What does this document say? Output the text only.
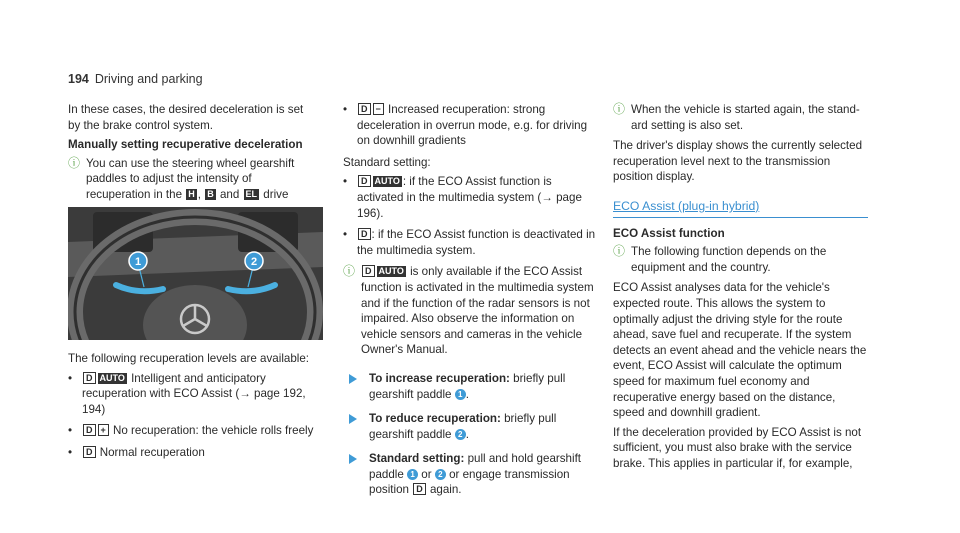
194 Driving and parking

In these cases, the desired deceleration is set by the brake control system.

Manually setting recuperative deceleration
ⓘ You can use the steering wheel gearshift paddles to adjust the intensity of recuperation in the H , B and EL drive
1	2

The following recuperation levels are available:

• D AUTO Intelligent and anticipatory recuperation with ECO Assist (→ page 192, 194)
• D + No recuperation: the vehicle rolls freely
• D Normal recuperation
• D − Increased recuperation: strong deceleration in overrun mode, e.g. for driving on downhill gradients

Standard setting:

• D AUTO : if the ECO Assist function is activated in the multimedia system (→ page 196).
• D : if the ECO Assist function is deactivated in the multimedia system.
ⓘ D AUTO is only available if the ECO Assist function is activated in the multimedia system and if the function of the radar sensors is not impaired. Also observe the information on vehicle sensors and cameras in the vehicle Owner's Manual.
To increase recuperation: briefly pull gearshift paddle 1 .
To reduce recuperation: briefly pull gearshift paddle 2 .
Standard setting: pull and hold gearshift paddle 1 or 2 or engage transmission position D again.
ⓘ When the vehicle is started again, the stand-ard setting is also set.

The driver's display shows the currently selected recuperation level next to the transmission position display.

ECO Assist (plug-in hybrid)
ECO Assist function
ⓘ The following function depends on the equipment and the country.

ECO Assist analyses data for the vehicle's expected route. This allows the system to optimally adjust the driving style for the route ahead, save fuel and recuperate. If the system detects an event ahead and the vehicle nears the event, ECO Assist will calculate the optimum speed for maximum fuel economy and recuperative energy based on the distance, speed and downhill gradient.

If the deceleration provided by ECO Assist is not sufficient, you must also brake with the service brake. This applies in particular if, for example,
